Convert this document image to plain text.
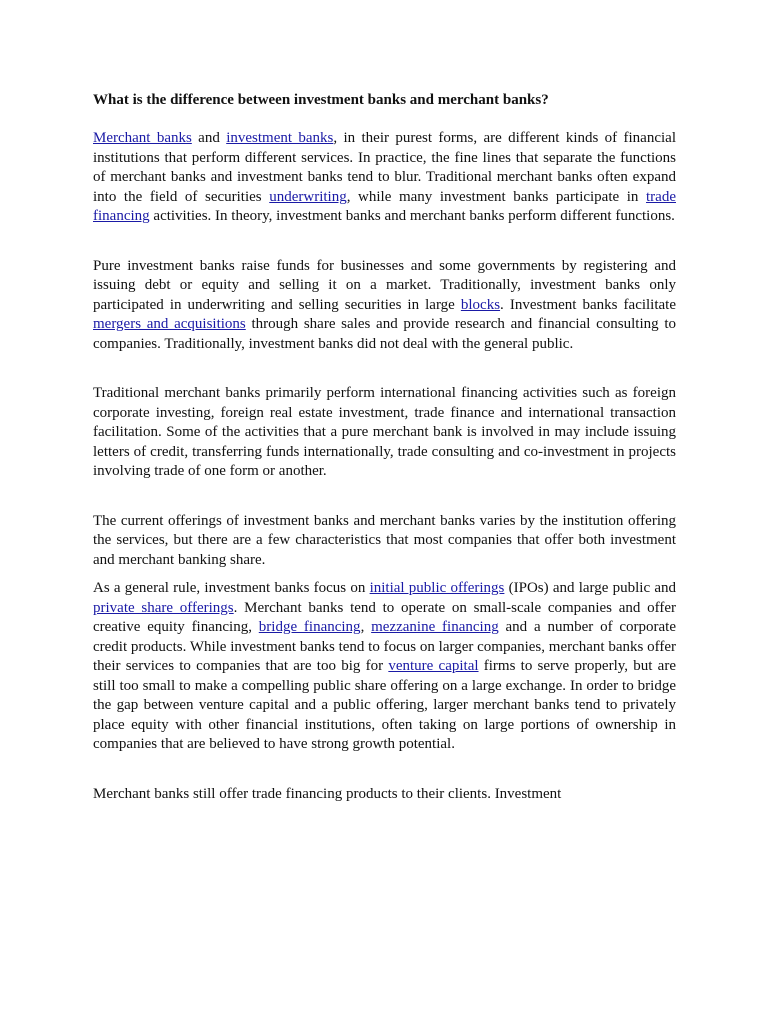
What is the difference between investment banks and merchant banks?

Merchant banks and investment banks, in their purest forms, are different kinds of financial institutions that perform different services. In practice, the fine lines that separate the functions of merchant banks and investment banks tend to blur. Traditional merchant banks often expand into the field of securities underwriting, while many investment banks participate in trade financing activities. In theory, investment banks and merchant banks perform different functions.

Pure investment banks raise funds for businesses and some governments by registering and issuing debt or equity and selling it on a market. Traditionally, investment banks only participated in underwriting and selling securities in large blocks. Investment banks facilitate mergers and acquisitions through share sales and provide research and financial consulting to companies. Traditionally, investment banks did not deal with the general public.

Traditional merchant banks primarily perform international financing activities such as foreign corporate investing, foreign real estate investment, trade finance and international transaction facilitation. Some of the activities that a pure merchant bank is involved in may include issuing letters of credit, transferring funds internationally, trade consulting and co-investment in projects involving trade of one form or another.

The current offerings of investment banks and merchant banks varies by the institution offering the services, but there are a few characteristics that most companies that offer both investment and merchant banking share.

As a general rule, investment banks focus on initial public offerings (IPOs) and large public and private share offerings. Merchant banks tend to operate on small-scale companies and offer creative equity financing, bridge financing, mezzanine financing and a number of corporate credit products. While investment banks tend to focus on larger companies, merchant banks offer their services to companies that are too big for venture capital firms to serve properly, but are still too small to make a compelling public share offering on a large exchange. In order to bridge the gap between venture capital and a public offering, larger merchant banks tend to privately place equity with other financial institutions, often taking on large portions of ownership in companies that are believed to have strong growth potential.

Merchant banks still offer trade financing products to their clients. Investment
